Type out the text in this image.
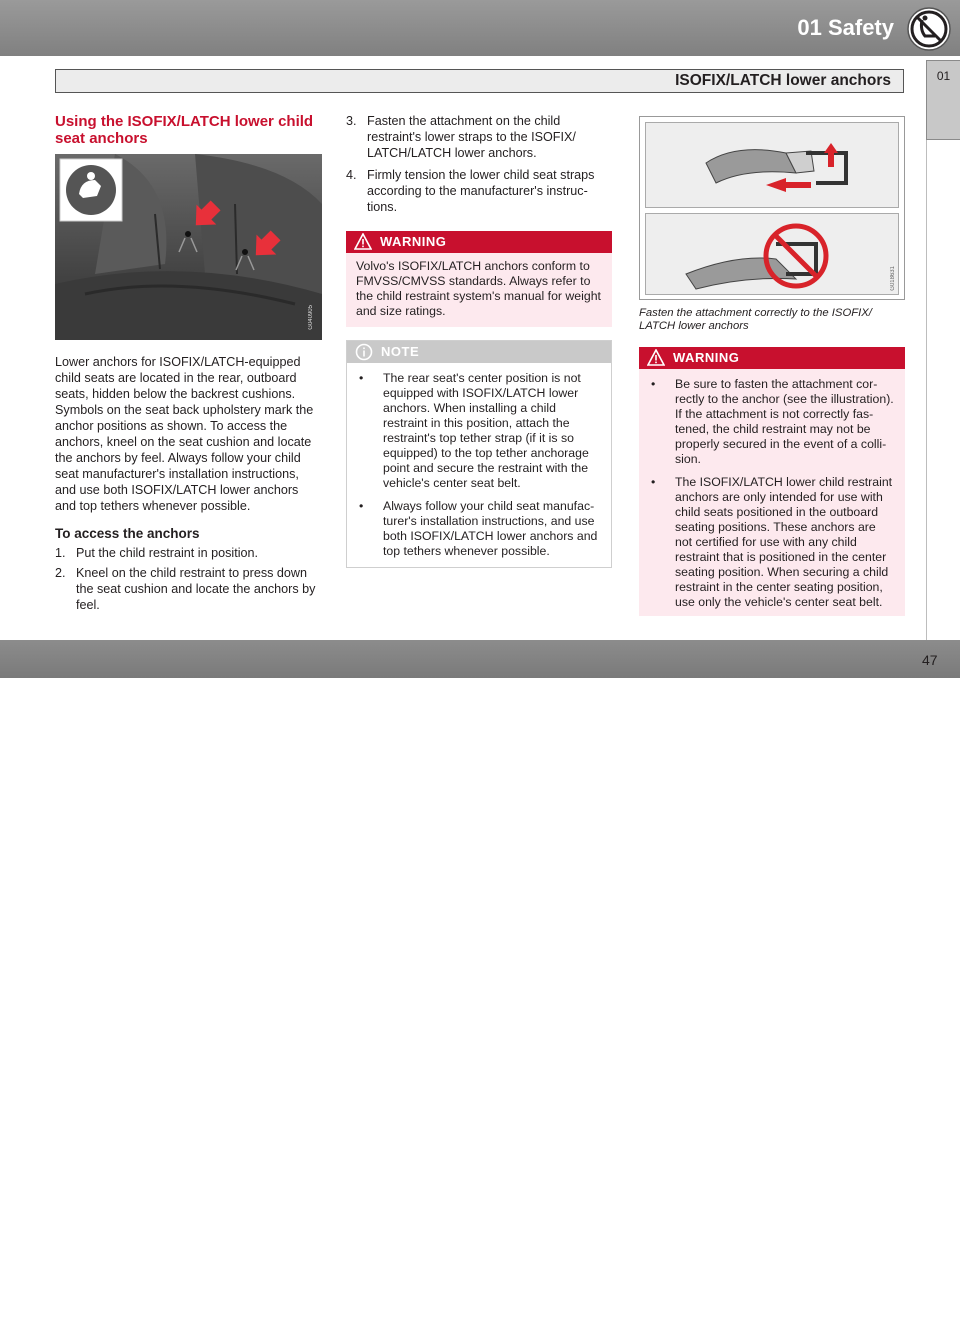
01 Safety
ISOFIX/LATCH lower anchors	01
Using the ISOFIX/LATCH lower child seat anchors
G040905

Lower anchors for ISOFIX/LATCH-equipped child seats are located in the rear, outboard seats, hidden below the backrest cushions. Symbols on the seat back upholstery mark the anchor positions as shown. To access the anchors, kneel on the seat cushion and locate the anchors by feel. Always follow your child seat manufacturer's installation instructions, and use both ISOFIX/LATCH lower anchors and top tethers whenever possible.

To access the anchors
1. Put the child restraint in position.
2. Kneel on the child restraint to press down the seat cushion and locate the anchors by feel.
3. Fasten the attachment on the child restraint's lower straps to the ISOFIX/ LATCH/LATCH lower anchors.
4. Firmly tension the lower child seat straps according to the manufacturer's instruc- tions.
WARNING
Volvo's ISOFIX/LATCH anchors conform to FMVSS/CMVSS standards. Always refer to the child restraint system's manual for weight and size ratings.
NOTE
•	The rear seat's center position is not equipped with ISOFIX/LATCH lower anchors. When installing a child restraint in this position, attach the restraint's top tether strap (if it is so equipped) to the top tether anchorage point and secure the restraint with the vehicle's center seat belt.
•	Always follow your child seat manufac- turer's installation instructions, and use both ISOFIX/LATCH lower anchors and top tethers whenever possible.
G018631
Fasten the attachment correctly to the ISOFIX/ LATCH lower anchors
WARNING
•	Be sure to fasten the attachment cor- rectly to the anchor (see the illustration). If the attachment is not correctly fas- tened, the child restraint may not be properly secured in the event of a colli- sion.
•	The ISOFIX/LATCH lower child restraint anchors are only intended for use with child seats positioned in the outboard seating positions. These anchors are not certified for use with any child restraint that is positioned in the center seating position. When securing a child restraint in the center seating position, use only the vehicle's center seat belt.
carmanualsonline.info
47
